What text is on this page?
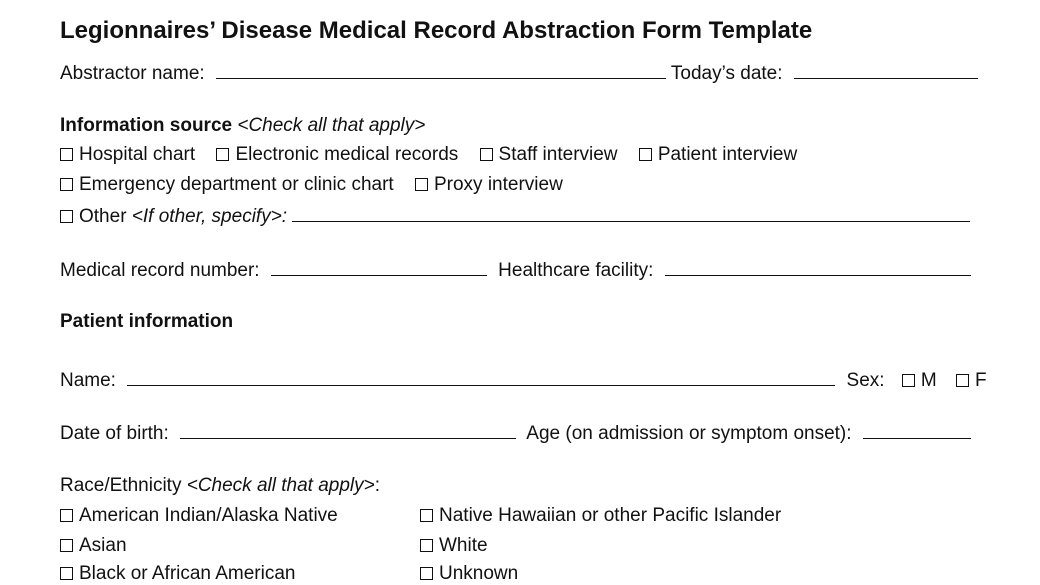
Legionnaires’ Disease Medical Record Abstraction Form Template
Abstractor name:	Today’s date:
Information source <Check all that apply>
Hospital chart Electronic medical records Staff interview Patient interview
Emergency department or clinic chart Proxy interview
Other <If other, specify>:
Medical record number:	Healthcare facility:
Patient information
Name:	Sex: M F
Date of birth:	Age (on admission or symptom onset):
Race/Ethnicity <Check all that apply>:
American Indian/Alaska Native	Native Hawaiian or other Pacific Islander
Asian	White
Black or African American	Unknown
